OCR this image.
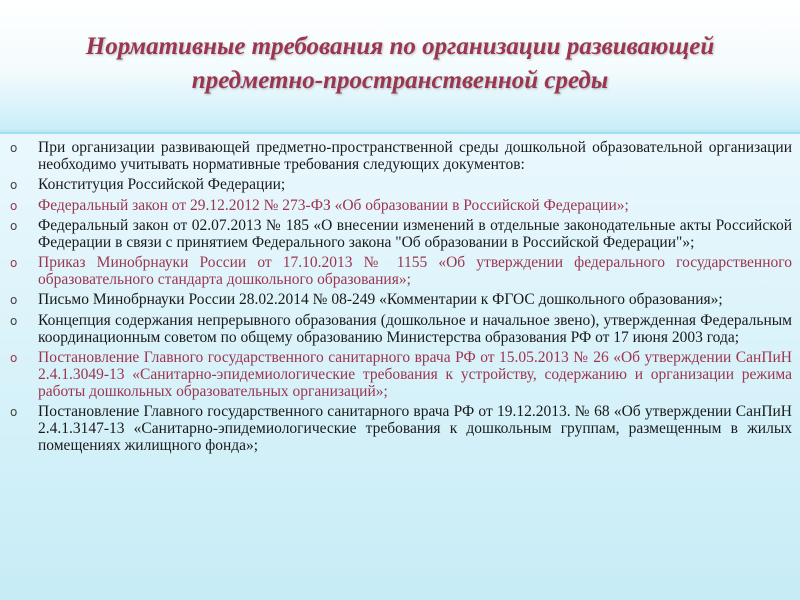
Нормативные требования по организации развивающей
предметно-пространственной среды
o При организации развивающей предметно-пространственной среды дошкольной образовательной организации необходимо учитывать нормативные требования следующих документов:
o Конституция Российской Федерации;
o Федеральный закон от 29.12.2012 № 273-ФЗ «Об образовании в Российской Федерации»;
o Федеральный закон от 02.07.2013 № 185 «О внесении изменений в отдельные законодательные акты Российской Федерации в связи с принятием Федерального закона "Об образовании в Российской Федерации"»;
o Приказ Минобрнауки России от 17.10.2013 № 1155 «Об утверждении федерального государственного образовательного стандарта дошкольного образования»;
o Письмо Минобрнауки России 28.02.2014 № 08-249 «Комментарии к ФГОС дошкольного образования»;
o Концепция содержания непрерывного образования (дошкольное и начальное звено), утвержденная Федеральным координационным советом по общему образованию Министерства образования РФ от 17 июня 2003 года;
o Постановление Главного государственного санитарного врача РФ от 15.05.2013 № 26 «Об утверждении СанПиН 2.4.1.3049-13 «Санитарно-эпидемиологические требования к устройству, содержанию и организации режима работы дошкольных образовательных организаций»;
o Постановление Главного государственного санитарного врача РФ от 19.12.2013. № 68 «Об утверждении СанПиН 2.4.1.3147-13 «Санитарно-эпидемиологические требования к дошкольным группам, размещенным в жилых помещениях жилищного фонда»;
